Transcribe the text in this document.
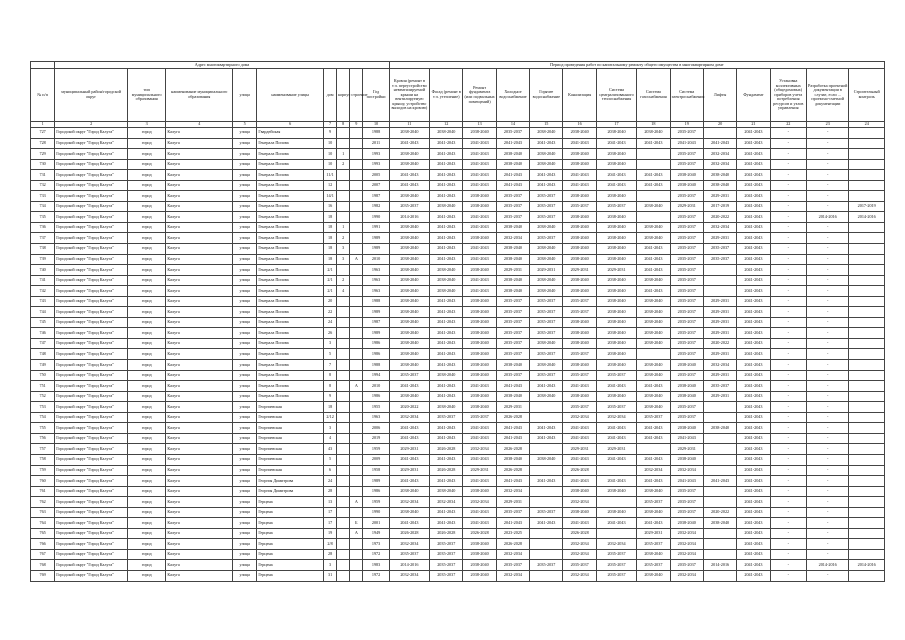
	Адрес многоквартирного дома									Период проведения работ по капитальному ремонту общего имущества в многоквартирном доме													
№ п/п	муниципальный район/городской округ	тип муниципального образования	наименование муниципального образования	улица	наименование улицы	дом	корпус	строение	Год постройки	Кровля (ремонт в т.ч. переустройство невентилируемой крыши на вентилируемую крышу, устройство выходов на кровлю)	Фасад (ремонт в т.ч. утепление)	Ремонт фундамента (или подвальных помещений)	Холодное водоснабжение	Горячее водоснабжение	Канализация	Система централизованного теплоснабжения	Система газоснабжения	Система электроснабжения	Лифты	Фундамент	Установка коллективных (общедомовых) приборов учета потребления ресурсов и узлов управления	Разработка проектной документации в случае, если ... проектно-сметной документации	Строительный контроль
1	2	3	4	5	6	7	8	9	10	11	12	13	14	15	16	17	18	19	20	21	22	23	24
727	Городской округ "Город Калуга"	город	Калуга	улица	Гвардейская	9			1988	2038-2040	2038-2040	2038-2040	2035-2037	2038-2040	2038-2040	2038-2040	2038-2040	2035-2037		2041-2043	-	-	
728	Городской округ "Город Калуга"	город	Калуга	улица	Генерала Попова	10			2011	2041-2043	2041-2043	2041-2043	2041-2043	2041-2043	2041-2043	2041-2043	2041-2043	2041-2043	2041-2043	2041-2043	-	-	
729	Городской округ "Город Калуга"	город	Калуга	улица	Генерала Попова	10	1		1993	2038-2040	2041-2043	2041-2043	2038-2040	2038-2040	2038-2040	2038-2040		2035-2037	2032-2034	2041-2043	-	-	
730	Городской округ "Город Калуга"	город	Калуга	улица	Генерала Попова	10	2		1993	2038-2040	2041-2043	2041-2043	2038-2040	2038-2040	2038-2040	2038-2040		2035-2037	2032-2034	2041-2043	-	-	
731	Городской округ "Город Калуга"	город	Калуга	улица	Генерала Попова	11/1			2005	2041-2043	2041-2043	2041-2043	2041-2043	2041-2043	2041-2043	2041-2043	2041-2043	2038-2040	2038-2040	2041-2043	-	-	
732	Городской округ "Город Калуга"	город	Калуга	улица	Генерала Попова	12			2007	2041-2043	2041-2043	2041-2043	2041-2043	2041-2043	2041-2043	2041-2043	2041-2043	2038-2040	2038-2040	2041-2043	-	-	
733	Городской округ "Город Калуга"	город	Калуга	улица	Генерала Попова	14/1			1987	2038-2040	2041-2043	2038-2040	2035-2037	2035-2037	2038-2040	2038-2040		2035-2037	2029-2031	2041-2043	-	-	
734	Городской округ "Город Калуга"	город	Калуга	улица	Генерала Попова	16			1982	2035-2037	2038-2040	2038-2040	2035-2037	2035-2037	2035-2037	2035-2037	2038-2040	2029-2031	2017-2019	2041-2043	-	-	2017-2019
735	Городской округ "Город Калуга"	город	Калуга	улица	Генерала Попова	18			1990	2014-2016	2041-2043	2041-2043	2035-2037	2035-2037	2038-2040	2038-2040		2035-2037	2020-2022	2041-2043	-	2014-2016	2014-2016
736	Городской округ "Город Калуга"	город	Калуга	улица	Генерала Попова	18	1		1991	2038-2040	2041-2043	2041-2043	2038-2040	2038-2040	2038-2040	2038-2040	2038-2040	2035-2037	2032-2034	2041-2043	-	-	
737	Городской округ "Город Калуга"	город	Калуга	улица	Генерала Попова	18	2		1989	2038-2040	2041-2043	2038-2040	2032-2034	2035-2037	2038-2040	2038-2040	2038-2040	2035-2037	2029-2031	2041-2043	-	-	
738	Городской округ "Город Калуга"	город	Калуга	улица	Генерала Попова	18	3		1989	2038-2040	2041-2043	2041-2043	2038-2040	2038-2040	2038-2040	2038-2040	2041-2043	2035-2037	2035-2037	2041-2043	-	-	
739	Городской округ "Город Калуга"	город	Калуга	улица	Генерала Попова	18	3	А	2010	2038-2040	2041-2043	2041-2043	2038-2040	2038-2040	2038-2040	2038-2040	2041-2043	2035-2037	2035-2037	2041-2043	-	-	
740	Городской округ "Город Калуга"	город	Калуга	улица	Генерала Попова	2/1			1963	2038-2040	2038-2040	2038-2040	2029-2031	2029-2031	2029-2031	2029-2031	2041-2043	2035-2037		2041-2043	-	-	
741	Городской округ "Город Калуга"	город	Калуга	улица	Генерала Попова	2/1	2		1963	2038-2040	2038-2040	2041-2043	2038-2040	2038-2040	2038-2040	2038-2040	2038-2040	2035-2037		2041-2043	-	-	
742	Городской округ "Город Калуга"	город	Калуга	улица	Генерала Попова	2/1	4		1963	2038-2040	2038-2040	2041-2043	2038-2040	2038-2040	2038-2040	2038-2040	2041-2043	2035-2037		2041-2043	-	-	
743	Городской округ "Город Калуга"	город	Калуга	улица	Генерала Попова	20			1988	2038-2040	2041-2043	2038-2040	2035-2037	2035-2037	2035-2037	2038-2040	2038-2040	2035-2037	2029-2031	2041-2043	-	-	
744	Городской округ "Город Калуга"	город	Калуга	улица	Генерала Попова	22			1989	2038-2040	2041-2043	2038-2040	2035-2037	2035-2037	2035-2037	2038-2040	2038-2040	2035-2037	2029-2031	2041-2043	-	-	
745	Городской округ "Город Калуга"	город	Калуга	улица	Генерала Попова	24			1987	2038-2040	2041-2043	2038-2040	2035-2037	2035-2037	2038-2040	2038-2040	2038-2040	2035-2037	2029-2031	2041-2043	-	-	
746	Городской округ "Город Калуга"	город	Калуга	улица	Генерала Попова	26			1989	2038-2040	2041-2043	2038-2040	2035-2037	2035-2037	2038-2040	2038-2040	2038-2040	2035-2037	2029-2031	2041-2043	-	-	
747	Городской округ "Город Калуга"	город	Калуга	улица	Генерала Попова	3			1986	2038-2040	2041-2043	2038-2040	2035-2037	2038-2040	2038-2040	2038-2040	2038-2040	2035-2037	2020-2022	2041-2043	-	-	
748	Городской округ "Город Калуга"	город	Калуга	улица	Генерала Попова	5			1986	2038-2040	2041-2043	2038-2040	2035-2037	2035-2037	2035-2037	2038-2040		2035-2037	2029-2031	2041-2043	-	-	
749	Городской округ "Город Калуга"	город	Калуга	улица	Генерала Попова	7			1988	2038-2040	2041-2043	2038-2040	2038-2040	2038-2040	2038-2040	2038-2040	2038-2040	2038-2040	2032-2034	2041-2043	-	-	
750	Городской округ "Город Калуга"	город	Калуга	улица	Генерала Попова	8			1994	2035-2037	2038-2040	2038-2040	2035-2037	2035-2037	2035-2037	2035-2037	2038-2040	2035-2037	2029-2031	2041-2043	-	-	
751	Городской округ "Город Калуга"	город	Калуга	улица	Генерала Попова	8		А	2010	2041-2043	2041-2043	2041-2043	2041-2043	2041-2043	2041-2043	2041-2043	2041-2043	2038-2040	2035-2037	2041-2043	-	-	
752	Городской округ "Город Калуга"	город	Калуга	улица	Генерала Попова	9			1986	2038-2040	2041-2043	2038-2040	2038-2040	2038-2040	2038-2040	2038-2040	2038-2040	2038-2040	2029-2031	2041-2043	-	-	
753	Городской округ "Город Калуга"	город	Калуга	улица	Георгиевская	18			1955	2020-2022	2038-2040	2038-2040	2029-2031		2035-2037	2035-2037	2038-2040	2035-2037		2041-2043	-	-	
754	Городской округ "Город Калуга"	город	Калуга	улица	Георгиевская	2/12			1963	2032-2034	2035-2037	2035-2037	2026-2028		2032-2034	2032-2034	2035-2037	2035-2037		2041-2043	-	-	
755	Городской округ "Город Калуга"	город	Калуга	улица	Георгиевская	3			2006	2041-2043	2041-2043	2041-2043	2041-2043	2041-2043	2041-2043	2041-2043	2041-2043	2038-2040	2038-2040	2041-2043	-	-	
756	Городской округ "Город Калуга"	город	Калуга	улица	Георгиевская	4			2019	2041-2043	2041-2043	2041-2043	2041-2043	2041-2043	2041-2043	2041-2043	2041-2043	2041-2043		2041-2043	-	-	
757	Городской округ "Город Калуга"	город	Калуга	улица	Георгиевская	43			1959	2029-2031	2026-2028	2032-2034	2026-2028		2029-2031	2029-2031		2029-2031		2041-2043	-	-	
758	Городской округ "Город Калуга"	город	Калуга	улица	Георгиевская	5			2009	2041-2043	2041-2043	2041-2043	2038-2040	2038-2040	2041-2043	2041-2043	2041-2043	2038-2040		2041-2043	-	-	
759	Городской округ "Город Калуга"	город	Калуга	улица	Георгиевская	6			1958	2029-2031	2026-2028	2029-2031	2026-2028		2026-2028		2032-2034	2032-2034		2041-2043	-	-	
760	Городской округ "Город Калуга"	город	Калуга	улица	Георгия Димитрова	24			1989	2041-2043	2041-2043	2041-2043	2041-2043	2041-2043	2041-2043	2041-2043	2041-2043	2041-2043	2041-2043	2041-2043	-	-	
761	Городской округ "Город Калуга"	город	Калуга	улица	Георгия Димитрова	28			1986	2038-2040	2038-2040	2038-2040	2032-2034		2038-2040	2038-2040	2038-2040	2035-2037		2041-2043	-	-	
762	Городской округ "Город Калуга"	город	Калуга	улица	Герцена	13		А	1959	2032-2034	2032-2034	2032-2034	2029-2031		2032-2034		2035-2037	2035-2037		2041-2043	-	-	
763	Городской округ "Город Калуга"	город	Калуга	улица	Герцена	17			1990	2038-2040	2041-2043	2041-2043	2035-2037	2035-2037	2038-2040	2038-2040	2038-2040	2035-2037	2020-2022	2041-2043	-	-	
764	Городской округ "Город Калуга"	город	Калуга	улица	Герцена	17		Б	2001	2041-2043	2041-2043	2041-2043	2041-2043	2041-2043	2041-2043	2041-2043	2041-2043	2038-2040	2038-2040	2041-2043	-	-	
765	Городской округ "Город Калуга"	город	Калуга	улица	Герцена	19		А	1949	2026-2028	2026-2028	2026-2028	2023-2025		2026-2028		2029-2031	2032-2034		2041-2043	-	-	
766	Городской округ "Город Калуга"	город	Калуга	улица	Герцена	2/8			1973	2032-2034	2035-2037	2038-2040	2026-2028		2032-2034	2032-2034	2035-2037	2032-2034		2041-2043	-	-	
767	Городской округ "Город Калуга"	город	Калуга	улица	Герцена	28			1972	2035-2037	2035-2037	2038-2040	2032-2034		2032-2034	2035-2037	2038-2040	2032-2034		2041-2043	-	-	
768	Городской округ "Город Калуга"	город	Калуга	улица	Герцена	3			1983	2014-2016	2035-2037	2038-2040	2035-2037	2035-2037	2035-2037	2035-2037	2035-2037	2035-2037	2014-2016	2041-2043	-	2014-2016	2014-2016
769	Городской округ "Город Калуга"	город	Калуга	улица	Герцена	31			1972	2032-2034	2035-2037	2038-2040	2032-2034		2032-2034	2035-2037	2038-2040	2032-2034		2041-2043	-	-	
